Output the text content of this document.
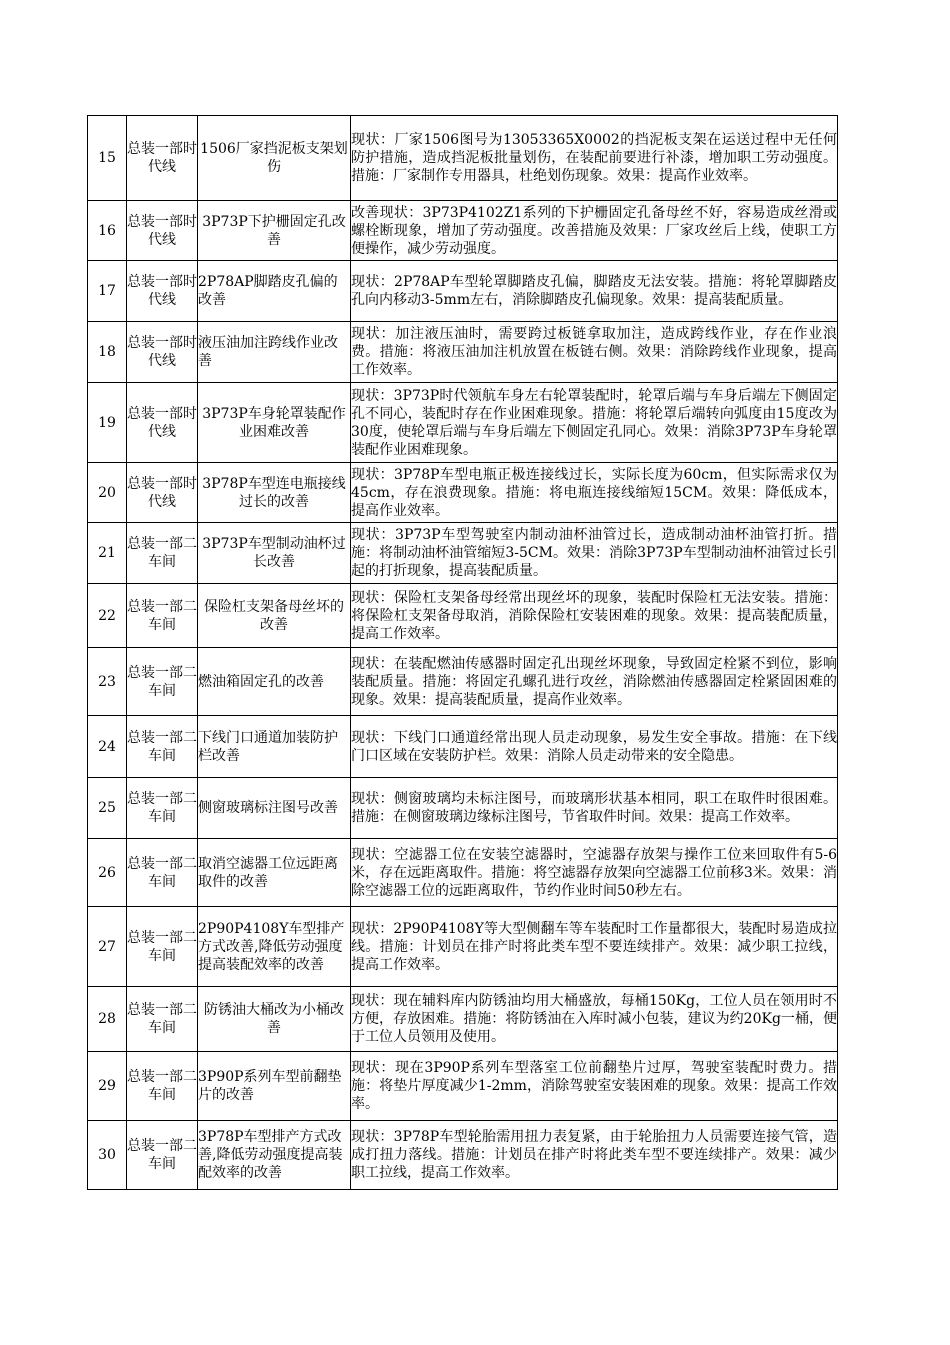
15	总装一部时代线	1506厂家挡泥板支架划伤	现状：厂家1506图号为13053365X0002的挡泥板支架在运送过程中无任何防护措施，造成挡泥板批量划伤，在装配前要进行补漆，增加职工劳动强度。措施：厂家制作专用器具，杜绝划伤现象。效果：提高作业效率。
16	总装一部时代线	3P73P下护栅固定孔改善	改善现状：3P73P4102Z1系列的下护栅固定孔备母丝不好，容易造成丝滑或螺栓断现象，增加了劳动强度。改善措施及效果：厂家攻丝后上线，使职工方便操作，减少劳动强度。
17	总装一部时代线	2P78AP脚踏皮孔偏的改善	现状：2P78AP车型轮罩脚踏皮孔偏，脚踏皮无法安装。措施：将轮罩脚踏皮孔向内移动3-5mm左右，消除脚踏皮孔偏现象。效果：提高装配质量。
18	总装一部时代线	液压油加注跨线作业改善	现状：加注液压油时，需要跨过板链拿取加注，造成跨线作业，存在作业浪费。措施：将液压油加注机放置在板链右侧。效果：消除跨线作业现象，提高工作效率。
19	总装一部时代线	3P73P车身轮罩装配作业困难改善	现状：3P73P时代领航车身左右轮罩装配时，轮罩后端与车身后端左下侧固定孔不同心，装配时存在作业困难现象。措施：将轮罩后端转向弧度由15度改为30度，使轮罩后端与车身后端左下侧固定孔同心。效果：消除3P73P车身轮罩装配作业困难现象。
20	总装一部时代线	3P78P车型连电瓶接线过长的改善	现状：3P78P车型电瓶正极连接线过长，实际长度为60cm，但实际需求仅为45cm，存在浪费现象。措施：将电瓶连接线缩短15CM。效果：降低成本，提高作业效率。
21	总装一部二车间	3P73P车型制动油杯过长改善	现状：3P73P车型驾驶室内制动油杯油管过长，造成制动油杯油管打折。措施：将制动油杯油管缩短3-5CM。效果：消除3P73P车型制动油杯油管过长引起的打折现象，提高装配质量。
22	总装一部二车间	保险杠支架备母丝坏的改善	现状：保险杠支架备母经常出现丝坏的现象，装配时保险杠无法安装。措施：将保险杠支架备母取消，消除保险杠安装困难的现象。效果：提高装配质量，提高工作效率。
23	总装一部二车间	燃油箱固定孔的改善	现状：在装配燃油传感器时固定孔出现丝坏现象，导致固定栓紧不到位，影响装配质量。措施：将固定孔螺孔进行攻丝，消除燃油传感器固定栓紧固困难的现象。效果：提高装配质量，提高作业效率。
24	总装一部二车间	下线门口通道加装防护栏改善	现状：下线门口通道经常出现人员走动现象，易发生安全事故。措施：在下线门口区域在安装防护栏。效果：消除人员走动带来的安全隐患。
25	总装一部二车间	侧窗玻璃标注图号改善	现状：侧窗玻璃均未标注图号，而玻璃形状基本相同，职工在取件时很困难。措施：在侧窗玻璃边缘标注图号，节省取件时间。效果：提高工作效率。
26	总装一部二车间	取消空滤器工位远距离取件的改善	现状：空滤器工位在安装空滤器时，空滤器存放架与操作工位来回取件有5-6米，存在远距离取件。措施：将空滤器存放架向空滤器工位前移3米。效果：消除空滤器工位的远距离取件，节约作业时间50秒左右。
27	总装一部二车间	2P90P4108Y车型排产方式改善,降低劳动强度提高装配效率的改善	现状：2P90P4108Y等大型侧翻车等车装配时工作量都很大，装配时易造成拉线。措施：计划员在排产时将此类车型不要连续排产。效果：减少职工拉线，提高工作效率。
28	总装一部二车间	防锈油大桶改为小桶改善	现状：现在辅料库内防锈油均用大桶盛放，每桶150Kg，工位人员在领用时不方便，存放困难。措施：将防锈油在入库时减小包装，建议为约20Kg一桶，便于工位人员领用及使用。
29	总装一部二车间	3P90P系列车型前翻垫片的改善	现状：现在3P90P系列车型落室工位前翻垫片过厚，驾驶室装配时费力。措施：将垫片厚度减少1-2mm，消除驾驶室安装困难的现象。效果：提高工作效率。
30	总装一部二车间	3P78P车型排产方式改善,降低劳动强度提高装配效率的改善	现状：3P78P车型轮胎需用扭力表复紧，由于轮胎扭力人员需要连接气管，造成打扭力落线。措施：计划员在排产时将此类车型不要连续排产。效果：减少职工拉线，提高工作效率。
